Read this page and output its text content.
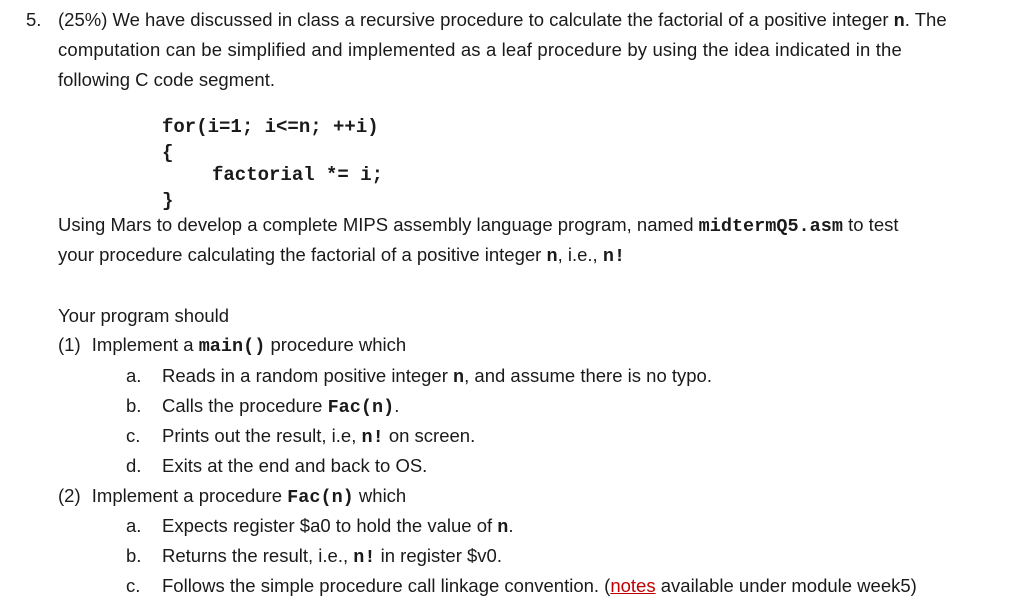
5. (25%) We have discussed in class a recursive procedure to calculate the factorial of a positive integer n. The
computation can be simplified and implemented as a leaf procedure by using the idea indicated in the
following C code segment.
for(i=1; i<=n; ++i)
{
factorial *= i;
}
Using Mars to develop a complete MIPS assembly language program, named midtermQ5.asm to test
your procedure calculating the factorial of a positive integer n, i.e., n!
Your program should
(1) Implement a main() procedure which
a. Reads in a random positive integer n, and assume there is no typo.
b. Calls the procedure Fac(n).
c. Prints out the result, i.e, n! on screen.
d. Exits at the end and back to OS.
(2) Implement a procedure Fac(n) which
a. Expects register $a0 to hold the value of n.
b. Returns the result, i.e., n! in register $v0.
c. Follows the simple procedure call linkage convention. (notes available under module week5)
